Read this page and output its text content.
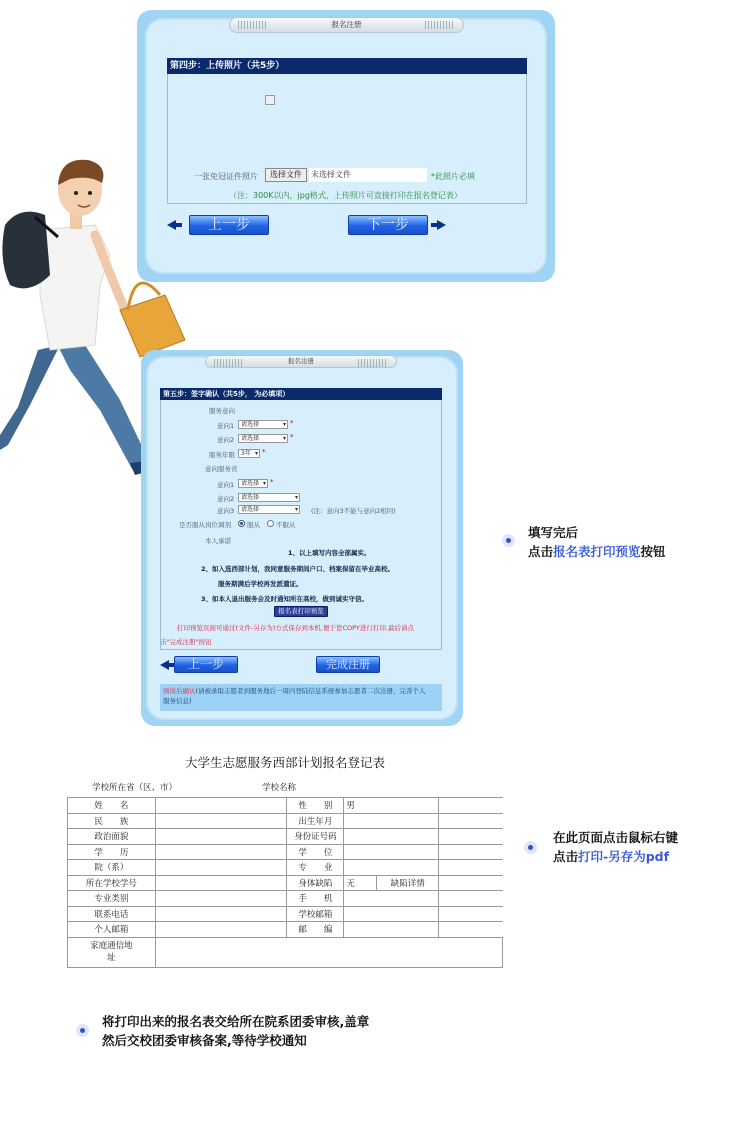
报名注册
第四步：上传照片（共5步）
一张免冠证件照片	选择文件	未选择文件	*此照片必填
（注：300K以内，jpg格式，上传照片可直接打印在报名登记表）
上一步	下一步
报名注册
第五步：签字确认（共5步， 为必填项）
服务意向
意向1	请选择 ▾	*
意向2	请选择 ▾	*
服务年限	3年 ▾	*
意向服务省
意向1	请选择 ▾	*
意向2	请选择 ▾
意向3	请选择 ▾	(注：意向3不能与意向2相同)
是否服从岗位调剂 服从 不服从
本人承诺
1、以上填写内容全部属实。
2、如入选西部计划，我同意服务期间户口、档案保留在毕业高校。
服务期满后学校再发派遣证。
3、如本人退出服务会及时通知所在高校，做到诚实守信。
报名表打印预览
打印预览页面可通过(文件-另存为)方式保存到本机,便于您COPY进行打印,最后请点
击"完成注册"按钮
上一步	完成注册
到岗后确认(请被录取志愿者到服务地后一周内登陆信息系统参加志愿者二次注册，完善个人
服务信息)
填写完后
点击报名表打印预览按钮
大学生志愿服务西部计划报名登记表
学校所在省（区、市）	学校名称
姓　　名		性　　别	男		
民　　族		出生年月			
政治面貌		身份证号码			
学　　历		学　　位			
院（系）		专　　业			
所在学校学号		身体缺陷	无	缺陷详情	
专业类别		手　　机			
联系电话		学校邮箱			
个人邮箱		邮　　编			
家庭通信地址					
在此页面点击鼠标右键
点击打印-另存为pdf
将打印出来的报名表交给所在院系团委审核,盖章
然后交校团委审核备案,等待学校通知
